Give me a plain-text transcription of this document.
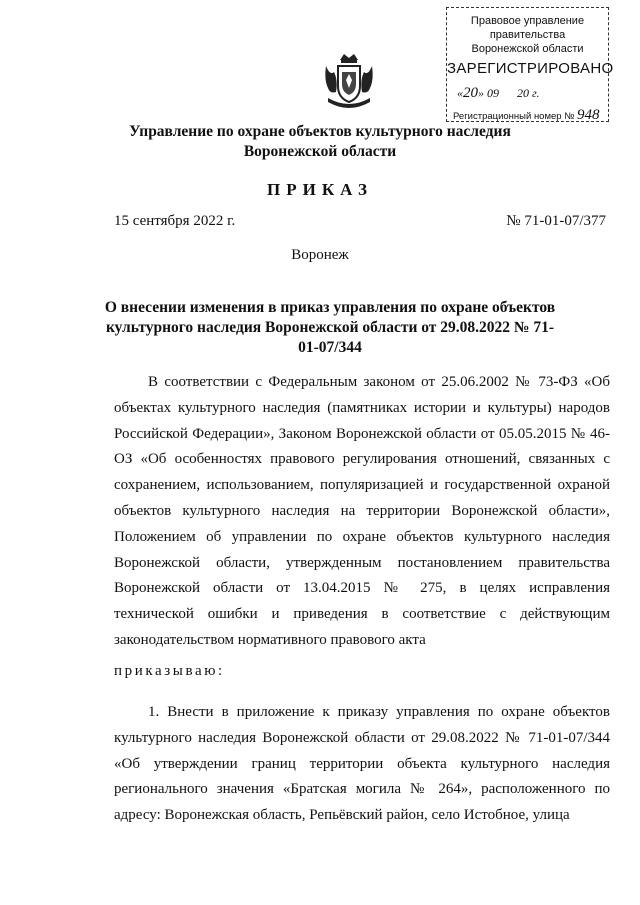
Правовое управление правительства
Воронежской области
ЗАРЕГИСТРИРОВАНО
«20» 09 20 г.
Регистрационный номер № 948
Управление по охране объектов культурного наследия
Воронежской области
ПРИКАЗ
15 сентября 2022 г.	№ 71-01-07/377
Воронеж
О внесении изменения в приказ управления по охране объектов
культурного наследия Воронежской области от 29.08.2022 № 71-01-07/344
В соответствии с Федеральным законом от 25.06.2002 № 73-ФЗ «Об объектах культурного наследия (памятниках истории и культуры) народов Российской Федерации», Законом Воронежской области от 05.05.2015 № 46-ОЗ «Об особенностях правового регулирования отношений, связанных с сохранением, использованием, популяризацией и государственной охраной объектов культурного наследия на территории Воронежской области», Положением об управлении по охране объектов культурного наследия Воронежской области, утвержденным постановлением правительства Воронежской области от 13.04.2015 № 275, в целях исправления технической ошибки и приведения в соответствие с действующим законодательством нормативного правового акта
приказываю:
1. Внести в приложение к приказу управления по охране объектов культурного наследия Воронежской области от 29.08.2022 № 71-01-07/344 «Об утверждении границ территории объекта культурного наследия регионального значения «Братская могила № 264», расположенного по адресу: Воронежская область, Репьёвский район, село Истобное, улица
